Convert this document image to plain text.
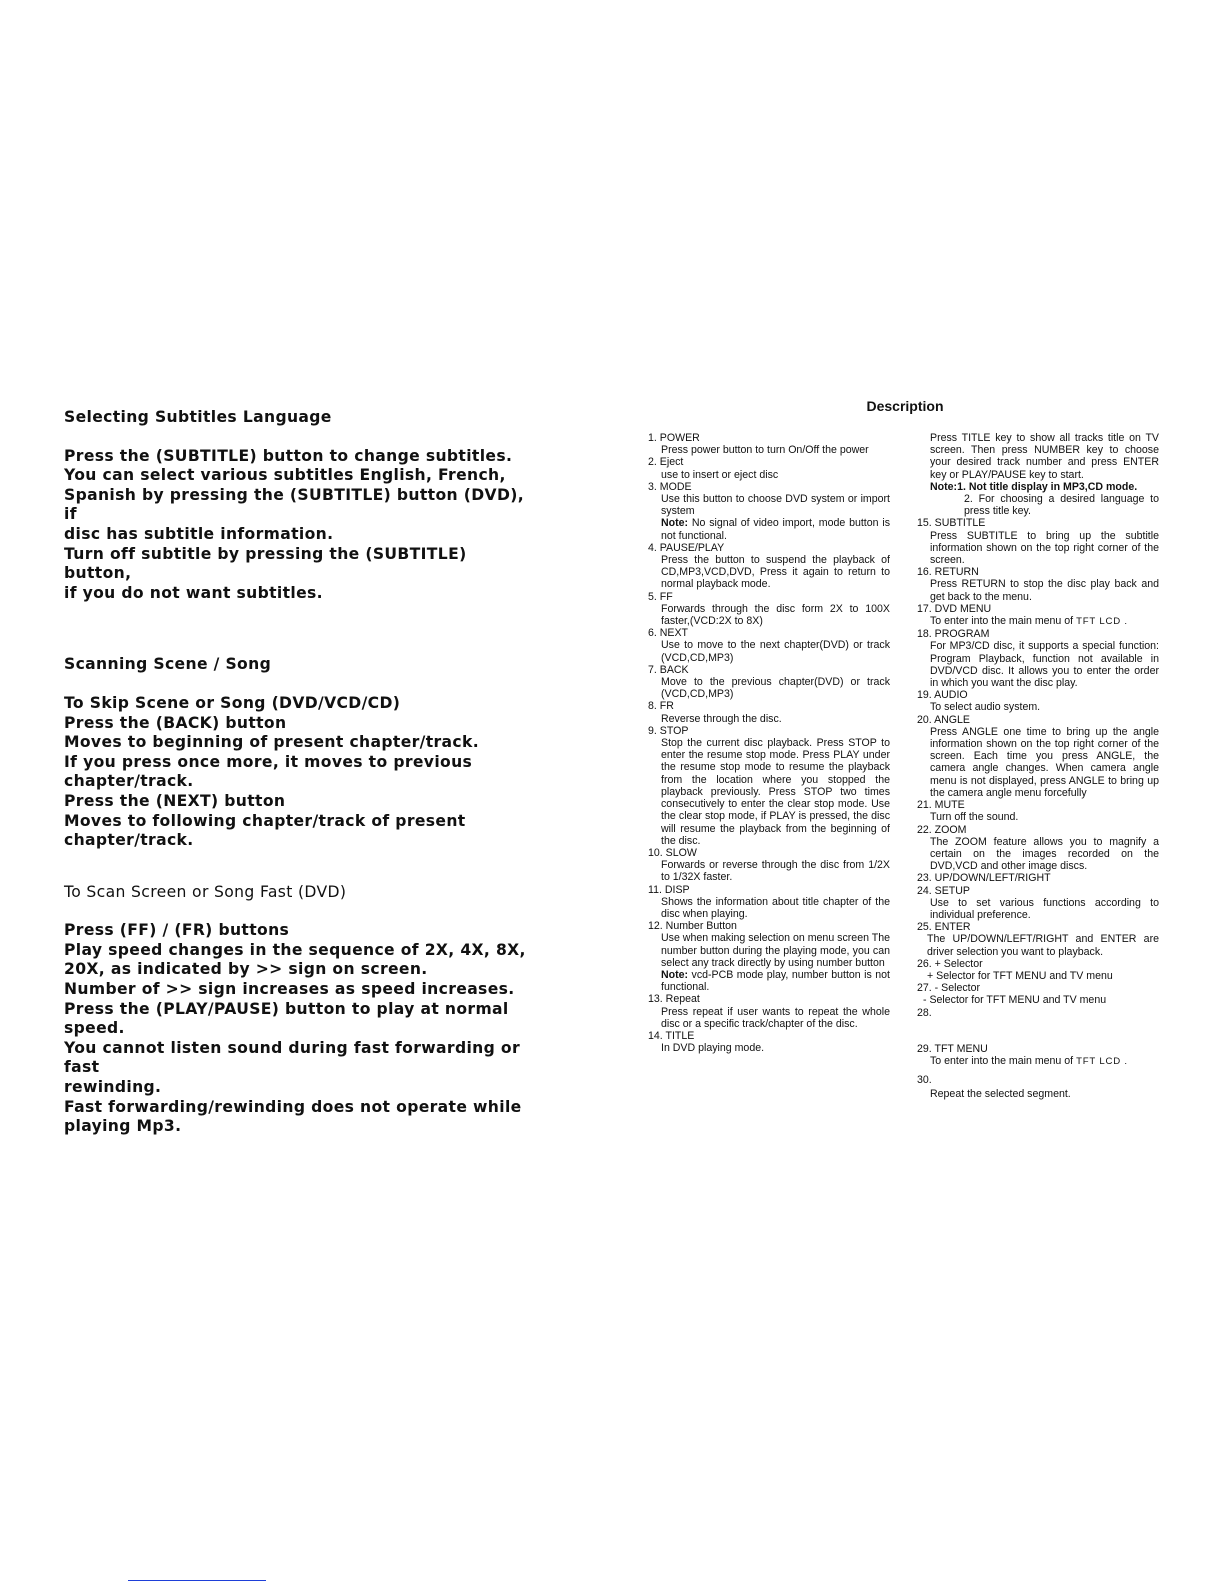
Selecting Subtitles Language

Press the (SUBTITLE) button to change subtitles.

You can select various subtitles English, French,

Spanish by pressing the (SUBTITLE) button (DVD), if

disc has subtitle information.

Turn off subtitle by pressing the (SUBTITLE) button,

if you do not want subtitles.

Scanning Scene / Song

To Skip Scene or Song (DVD/VCD/CD)

Press the (BACK) button

Moves to beginning of present chapter/track.

If you press once more, it moves to previous

chapter/track.

Press the (NEXT) button

Moves to following chapter/track of present

chapter/track.

To Scan Screen or Song Fast (DVD)

Press (FF) / (FR) buttons

Play speed changes in the sequence of 2X, 4X, 8X,

20X, as indicated by >> sign on screen.

Number of >> sign increases as speed increases.

Press the (PLAY/PAUSE) button to play at normal

speed.

You cannot listen sound during fast forwarding or fast

rewinding.

Fast forwarding/rewinding does not operate while

playing Mp3.

Description
1. POWER
Press power button to turn On/Off the power
2. Eject
use to insert or eject disc
3. MODE
Use this button to choose DVD system or import system
Note: No signal of video import, mode button is not functional.
4. PAUSE/PLAY
Press the button to suspend the playback of CD,MP3,VCD,DVD, Press it again to return to normal playback mode.
5. FF
Forwards through the disc form 2X to 100X faster,(VCD:2X to 8X)
6. NEXT
Use to move to the next chapter(DVD) or track (VCD,CD,MP3)
7. BACK
Move to the previous chapter(DVD) or track (VCD,CD,MP3)
8. FR
Reverse through the disc.
9. STOP
Stop the current disc playback. Press STOP to enter the resume stop mode. Press PLAY under the resume stop mode to resume the playback from the location where you stopped the playback previously. Press STOP two times consecutively to enter the clear stop mode. Use the clear stop mode, if PLAY is pressed, the disc will resume the playback from the beginning of the disc.
10. SLOW
Forwards or reverse through the disc from 1/2X to 1/32X faster.
11. DISP
Shows the information about title chapter of the disc when playing.
12. Number Button
Use when making selection on menu screen The number button during the playing mode, you can select any track directly by using number button
Note: vcd-PCB mode play, number button is not functional.
13. Repeat
Press repeat if user wants to repeat the whole disc or a specific track/chapter of the disc.
14. TITLE
In DVD playing mode.
Press TITLE key to show all tracks title on TV screen. Then press NUMBER key to choose your desired track number and press ENTER key or PLAY/PAUSE key to start.
Note:1. Not title display in MP3,CD mode.
2. For choosing a desired language to press title key.
15. SUBTITLE
Press SUBTITLE to bring up the subtitle information shown on the top right corner of the screen.
16. RETURN
Press RETURN to stop the disc play back and get back to the menu.
17. DVD MENU
To enter into the main menu of TFT LCD .
18. PROGRAM
For MP3/CD disc, it supports a special function: Program Playback, function not available in DVD/VCD disc. It allows you to enter the order in which you want the disc play.
19. AUDIO
To select audio system.
20. ANGLE
Press ANGLE one time to bring up the angle information shown on the top right corner of the screen. Each time you press ANGLE, the camera angle changes. When camera angle menu is not displayed, press ANGLE to bring up the camera angle menu forcefully
21. MUTE
Turn off the sound.
22. ZOOM
The ZOOM feature allows you to magnify a certain on the images recorded on the DVD,VCD and other image discs.
23. UP/DOWN/LEFT/RIGHT
24. SETUP
Use to set various functions according to individual preference.
25. ENTER
The UP/DOWN/LEFT/RIGHT and ENTER are driver selection you want to playback.
26. + Selector
+ Selector for TFT MENU and TV menu
27. - Selector
- Selector for TFT MENU and TV menu
28.
29. TFT MENU
To enter into the main menu of TFT LCD .
30.
Repeat the selected segment.
